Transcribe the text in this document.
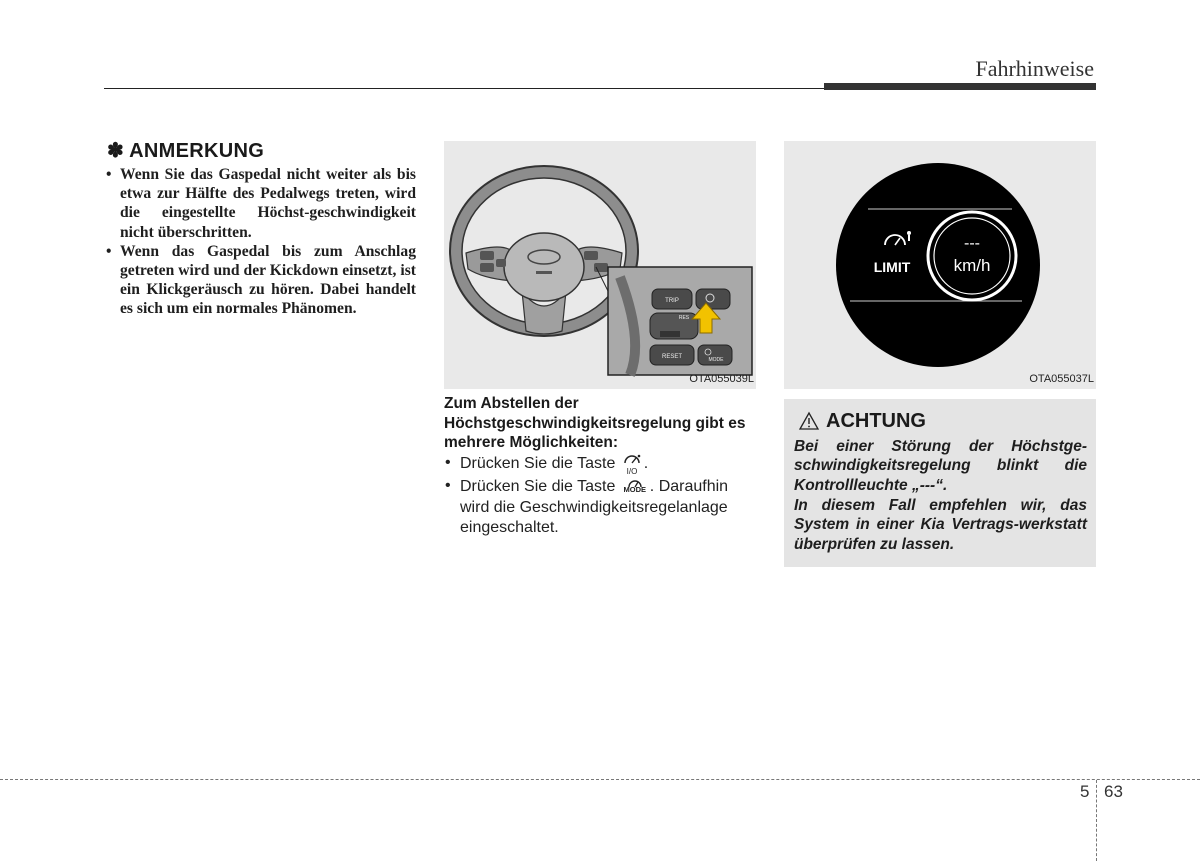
Fahrhinweise
✽ ANMERKUNG
• Wenn Sie das Gaspedal nicht weiter als bis etwa zur Hälfte des Pedalwegs treten, wird die eingestellte Höchst-geschwindigkeit nicht überschritten.
• Wenn das Gaspedal bis zum Anschlag getreten wird und der Kickdown einsetzt, ist ein Klickgeräusch zu hören. Dabei handelt es sich um ein normales Phänomen.	TRIP
RESET
RES
MODE
OTA055039L
LIMIT
---
km/h
OTA055037L
Zum Abstellen der Höchstgeschwindigkeitsregelung gibt es mehrere Möglichkeiten:
• Drücken Sie die Taste I/O .
• Drücken Sie die Taste MODE . Daraufhin wird die Geschwindigkeitsregelanlage eingeschaltet.
ACHTUNG

Bei einer Störung der Höchstge-schwindigkeitsregelung blinkt die Kontrollleuchte „---“.

In diesem Fall empfehlen wir, das System in einer Kia Vertrags-werkstatt überprüfen zu lassen.

5 63
